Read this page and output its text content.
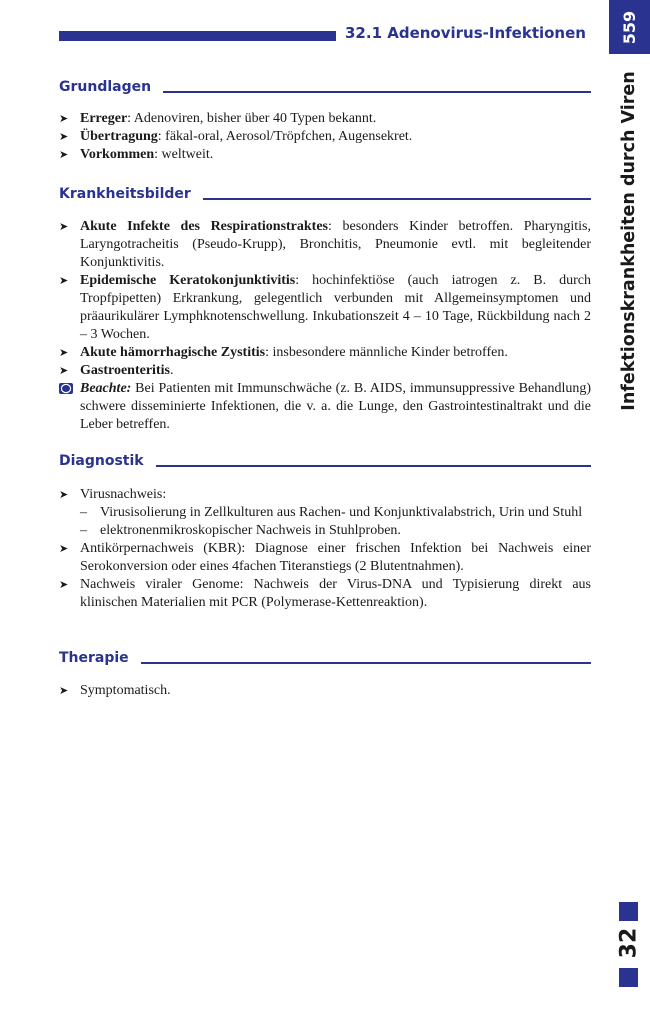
32.1 Adenovirus-Infektionen 559
Infektionskrankheiten durch Viren
32
Grundlagen
➤ Erreger: Adenoviren, bisher über 40 Typen bekannt.
➤ Übertragung: fäkal-oral, Aerosol/Tröpfchen, Augensekret.
➤ Vorkommen: weltweit.
Krankheitsbilder
➤ Akute Infekte des Respirationstraktes: besonders Kinder betroffen. Pharyngitis, Laryngotracheitis (Pseudo-Krupp), Bronchitis, Pneumonie evtl. mit begleitender Konjunktivitis.
➤ Epidemische Keratokonjunktivitis: hochinfektiöse (auch iatrogen z. B. durch Tropfpipetten) Erkrankung, gelegentlich verbunden mit Allgemeinsymptomen und präaurikulärer Lymphknotenschwellung. Inkubationszeit 4 – 10 Tage, Rückbildung nach 2 – 3 Wochen.
➤ Akute hämorrhagische Zystitis: insbesondere männliche Kinder betroffen.
➤ Gastroenteritis.
Beachte: Bei Patienten mit Immunschwäche (z. B. AIDS, immunsuppressive Behandlung) schwere disseminierte Infektionen, die v. a. die Lunge, den Gastrointestinaltrakt und die Leber betreffen.
Diagnostik
➤ Virusnachweis:
– Virusisolierung in Zellkulturen aus Rachen- und Konjunktivalabstrich, Urin und Stuhl
– elektronenmikroskopischer Nachweis in Stuhlproben.
➤ Antikörpernachweis (KBR): Diagnose einer frischen Infektion bei Nachweis einer Serokonversion oder eines 4fachen Titeranstiegs (2 Blutentnahmen).
➤ Nachweis viraler Genome: Nachweis der Virus-DNA und Typisierung direkt aus klinischen Materialien mit PCR (Polymerase-Kettenreaktion).
Therapie
➤ Symptomatisch.
